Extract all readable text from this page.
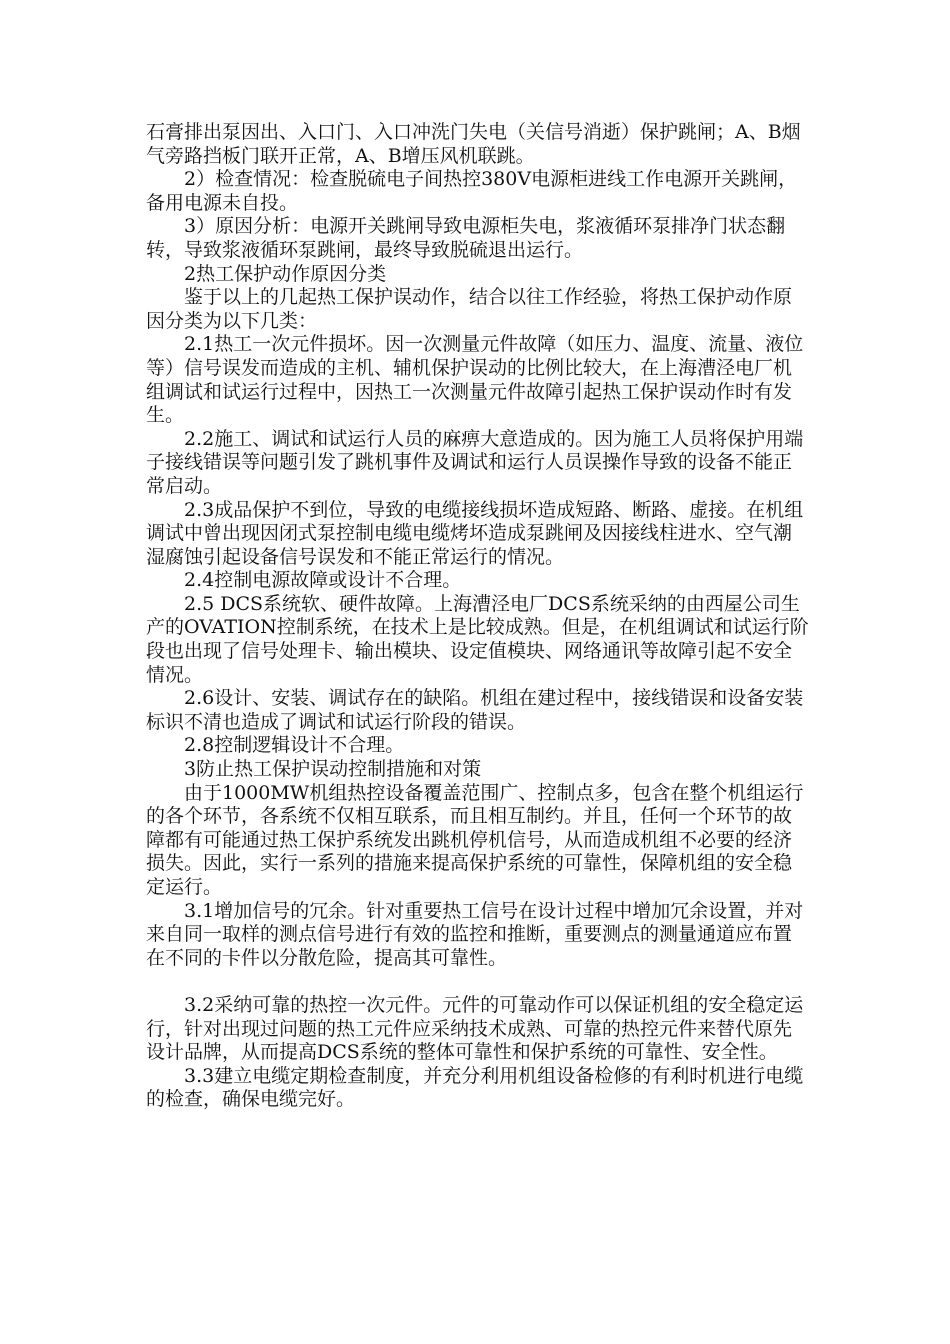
石膏排出泵因出、入口门、入口冲洗门失电（关信号消逝）保护跳闸；A、B烟气旁路挡板门联开正常，A、B增压风机联跳。

2）检查情况：检查脱硫电子间热控380V电源柜进线工作电源开关跳闸，备用电源未自投。

3）原因分析：电源开关跳闸导致电源柜失电，浆液循环泵排净门状态翻转，导致浆液循环泵跳闸，最终导致脱硫退出运行。

2热工保护动作原因分类

鉴于以上的几起热工保护误动作，结合以往工作经验，将热工保护动作原因分类为以下几类：

2.1热工一次元件损坏。因一次测量元件故障（如压力、温度、流量、液位等）信号误发而造成的主机、辅机保护误动的比例比较大，在上海漕泾电厂机组调试和试运行过程中，因热工一次测量元件故障引起热工保护误动作时有发生。

2.2施工、调试和试运行人员的麻痹大意造成的。因为施工人员将保护用端子接线错误等问题引发了跳机事件及调试和运行人员误操作导致的设备不能正常启动。

2.3成品保护不到位，导致的电缆接线损坏造成短路、断路、虚接。在机组调试中曾出现因闭式泵控制电缆电缆烤坏造成泵跳闸及因接线柱进水、空气潮湿腐蚀引起设备信号误发和不能正常运行的情况。

2.4控制电源故障或设计不合理。

2.5 DCS系统软、硬件故障。上海漕泾电厂DCS系统采纳的由西屋公司生产的OVATION控制系统，在技术上是比较成熟。但是，在机组调试和试运行阶段也出现了信号处理卡、输出模块、设定值模块、网络通讯等故障引起不安全情况。

2.6设计、安装、调试存在的缺陷。机组在建过程中，接线错误和设备安装标识不清也造成了调试和试运行阶段的错误。

2.8控制逻辑设计不合理。

3防止热工保护误动控制措施和对策

由于1000MW机组热控设备覆盖范围广、控制点多，包含在整个机组运行的各个环节，各系统不仅相互联系，而且相互制约。并且，任何一个环节的故障都有可能通过热工保护系统发出跳机停机信号，从而造成机组不必要的经济损失。因此，实行一系列的措施来提高保护系统的可靠性，保障机组的安全稳定运行。

3.1增加信号的冗余。针对重要热工信号在设计过程中增加冗余设置，并对来自同一取样的测点信号进行有效的监控和推断，重要测点的测量通道应布置在不同的卡件以分散危险，提高其可靠性。

3.2采纳可靠的热控一次元件。元件的可靠动作可以保证机组的安全稳定运行，针对出现过问题的热工元件应采纳技术成熟、可靠的热控元件来替代原先设计品牌，从而提高DCS系统的整体可靠性和保护系统的可靠性、安全性。

3.3建立电缆定期检查制度，并充分利用机组设备检修的有利时机进行电缆的检查，确保电缆完好。
